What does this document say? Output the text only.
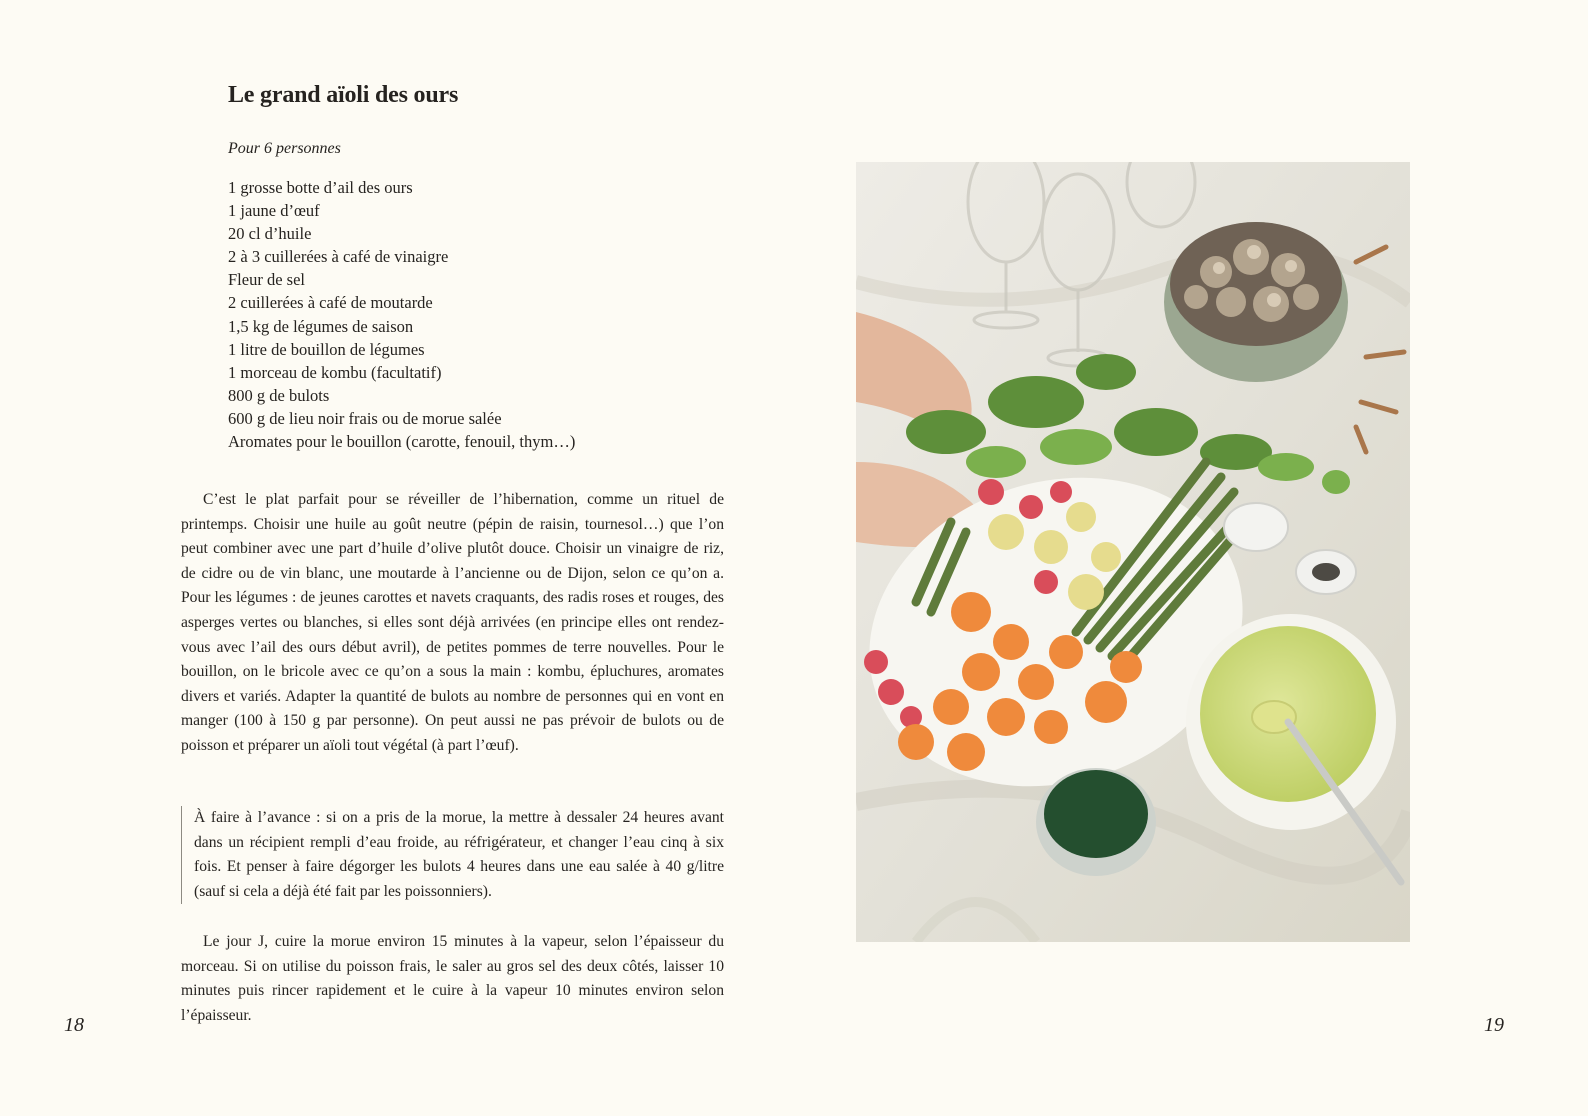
Le grand aïoli des ours
Pour 6 personnes
1 grosse botte d’ail des ours
1 jaune d’œuf
20 cl d’huile
2 à 3 cuillerées à café de vinaigre
Fleur de sel
2 cuillerées à café de moutarde
1,5 kg de légumes de saison
1 litre de bouillon de légumes
1 morceau de kombu (facultatif)
800 g de bulots
600 g de lieu noir frais ou de morue salée
Aromates pour le bouillon (carotte, fenouil, thym…)

C’est le plat parfait pour se réveiller de l’hibernation, comme un rituel de printemps. Choisir une huile au goût neutre (pépin de raisin, tournesol…) que l’on peut combiner avec une part d’huile d’olive plutôt douce. Choisir un vinaigre de riz, de cidre ou de vin blanc, une moutarde à l’ancienne ou de Dijon, selon ce qu’on a. Pour les légumes : de jeunes carottes et navets craquants, des radis roses et rouges, des asperges vertes ou blanches, si elles sont déjà arrivées (en principe elles ont rendez-vous avec l’ail des ours début avril), de petites pommes de terre nouvelles. Pour le bouillon, on le bricole avec ce qu’on a sous la main : kombu, épluchures, aromates divers et variés. Adapter la quantité de bulots au nombre de personnes qui en vont en manger (100 à 150 g par personne). On peut aussi ne pas prévoir de bulots ou de poisson et préparer un aïoli tout végétal (à part l’œuf).

À faire à l’avance : si on a pris de la morue, la mettre à dessaler 24 heures avant dans un récipient rempli d’eau froide, au réfrigérateur, et changer l’eau cinq à six fois. Et penser à faire dégorger les bulots 4 heures dans une eau salée à 40 g/litre (sauf si cela a déjà été fait par les poissonniers).

Le jour J, cuire la morue environ 15 minutes à la vapeur, selon l’épaisseur du morceau. Si on utilise du poisson frais, le saler au gros sel des deux côtés, laisser 10 minutes puis rincer rapidement et le cuire à la vapeur 10 minutes environ selon l’épaisseur.

18	19
